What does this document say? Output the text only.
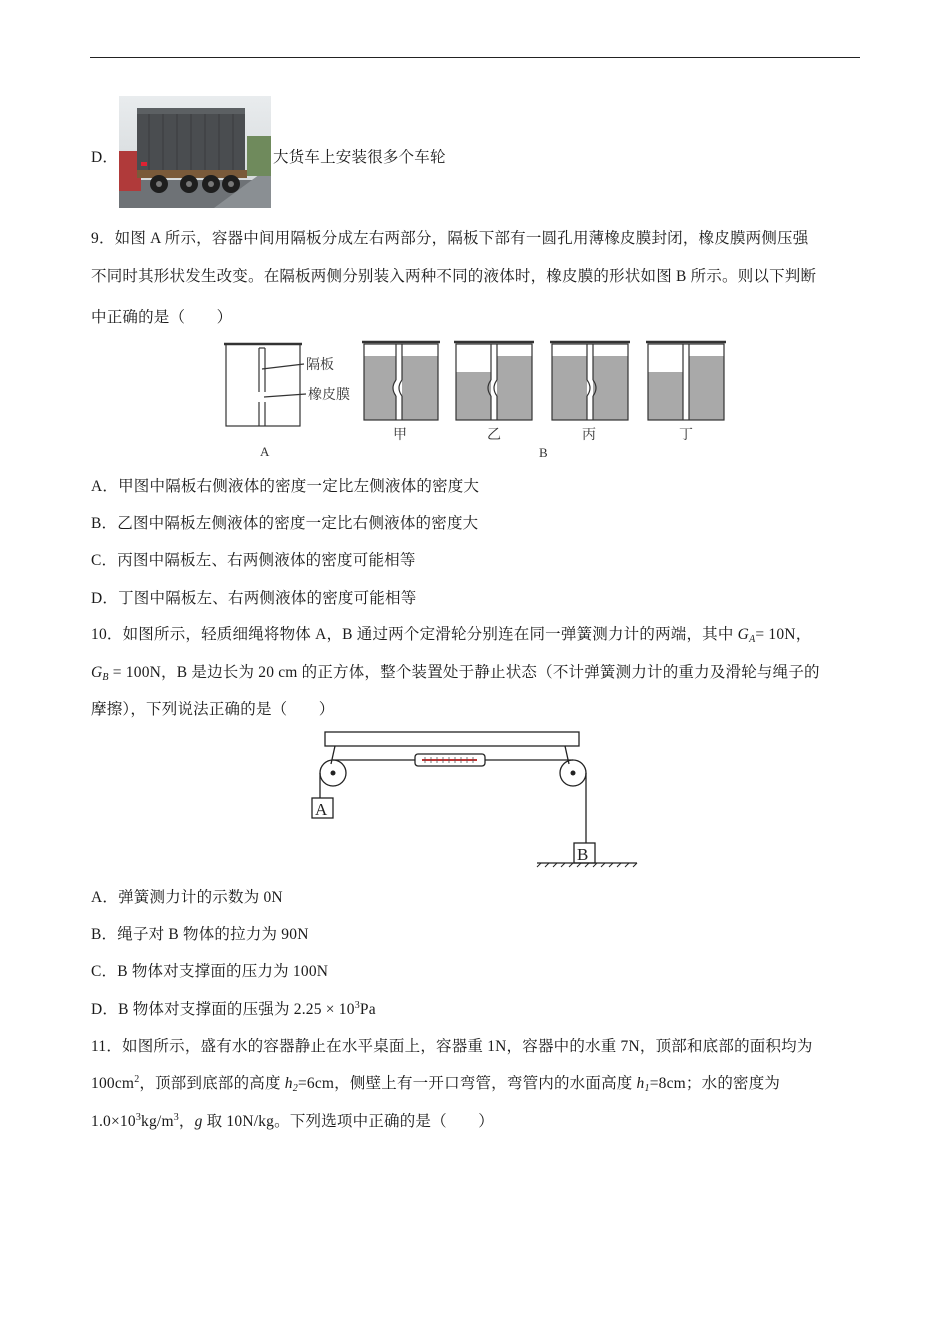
D．	大货车上安装很多个车轮
9．如图 A 所示，容器中间用隔板分成左右两部分，隔板下部有一圆孔用薄橡皮膜封闭，橡皮膜两侧压强
不同时其形状发生改变。在隔板两侧分别装入两种不同的液体时，橡皮膜的形状如图 B 所示。则以下判断
中正确的是（　　）
隔板
橡皮膜
A
甲	乙	丙	丁
B
A．甲图中隔板右侧液体的密度一定比左侧液体的密度大
B．乙图中隔板左侧液体的密度一定比右侧液体的密度大
C．丙图中隔板左、右两侧液体的密度可能相等
D．丁图中隔板左、右两侧液体的密度可能相等
10．如图所示，轻质细绳将物体 A，B 通过两个定滑轮分别连在同一弹簧测力计的两端，其中 $G_A= 10N$，
$G_B = 100N$，B 是边长为 20 cm 的正方体，整个装置处于静止状态（不计弹簧测力计的重力及滑轮与绳子的
摩擦），下列说法正确的是（　　）
A
B
A．弹簧测力计的示数为 0N
B．绳子对 B 物体的拉力为 90N
C．B 物体对支撑面的压力为 100N
D．B 物体对支撑面的压强为 $2.25 \times 10^3Pa$
11．如图所示，盛有水的容器静止在水平桌面上，容器重 1N，容器中的水重 7N，顶部和底部的面积均为
$100cm^2$，顶部到底部的高度 $h_2=6cm$，侧壁上有一开口弯管，弯管内的水面高度 $h_1=8cm$；水的密度为
$1.0\times 10^3kg/m^3$，g 取 10N/kg。下列选项中正确的是（　　）
